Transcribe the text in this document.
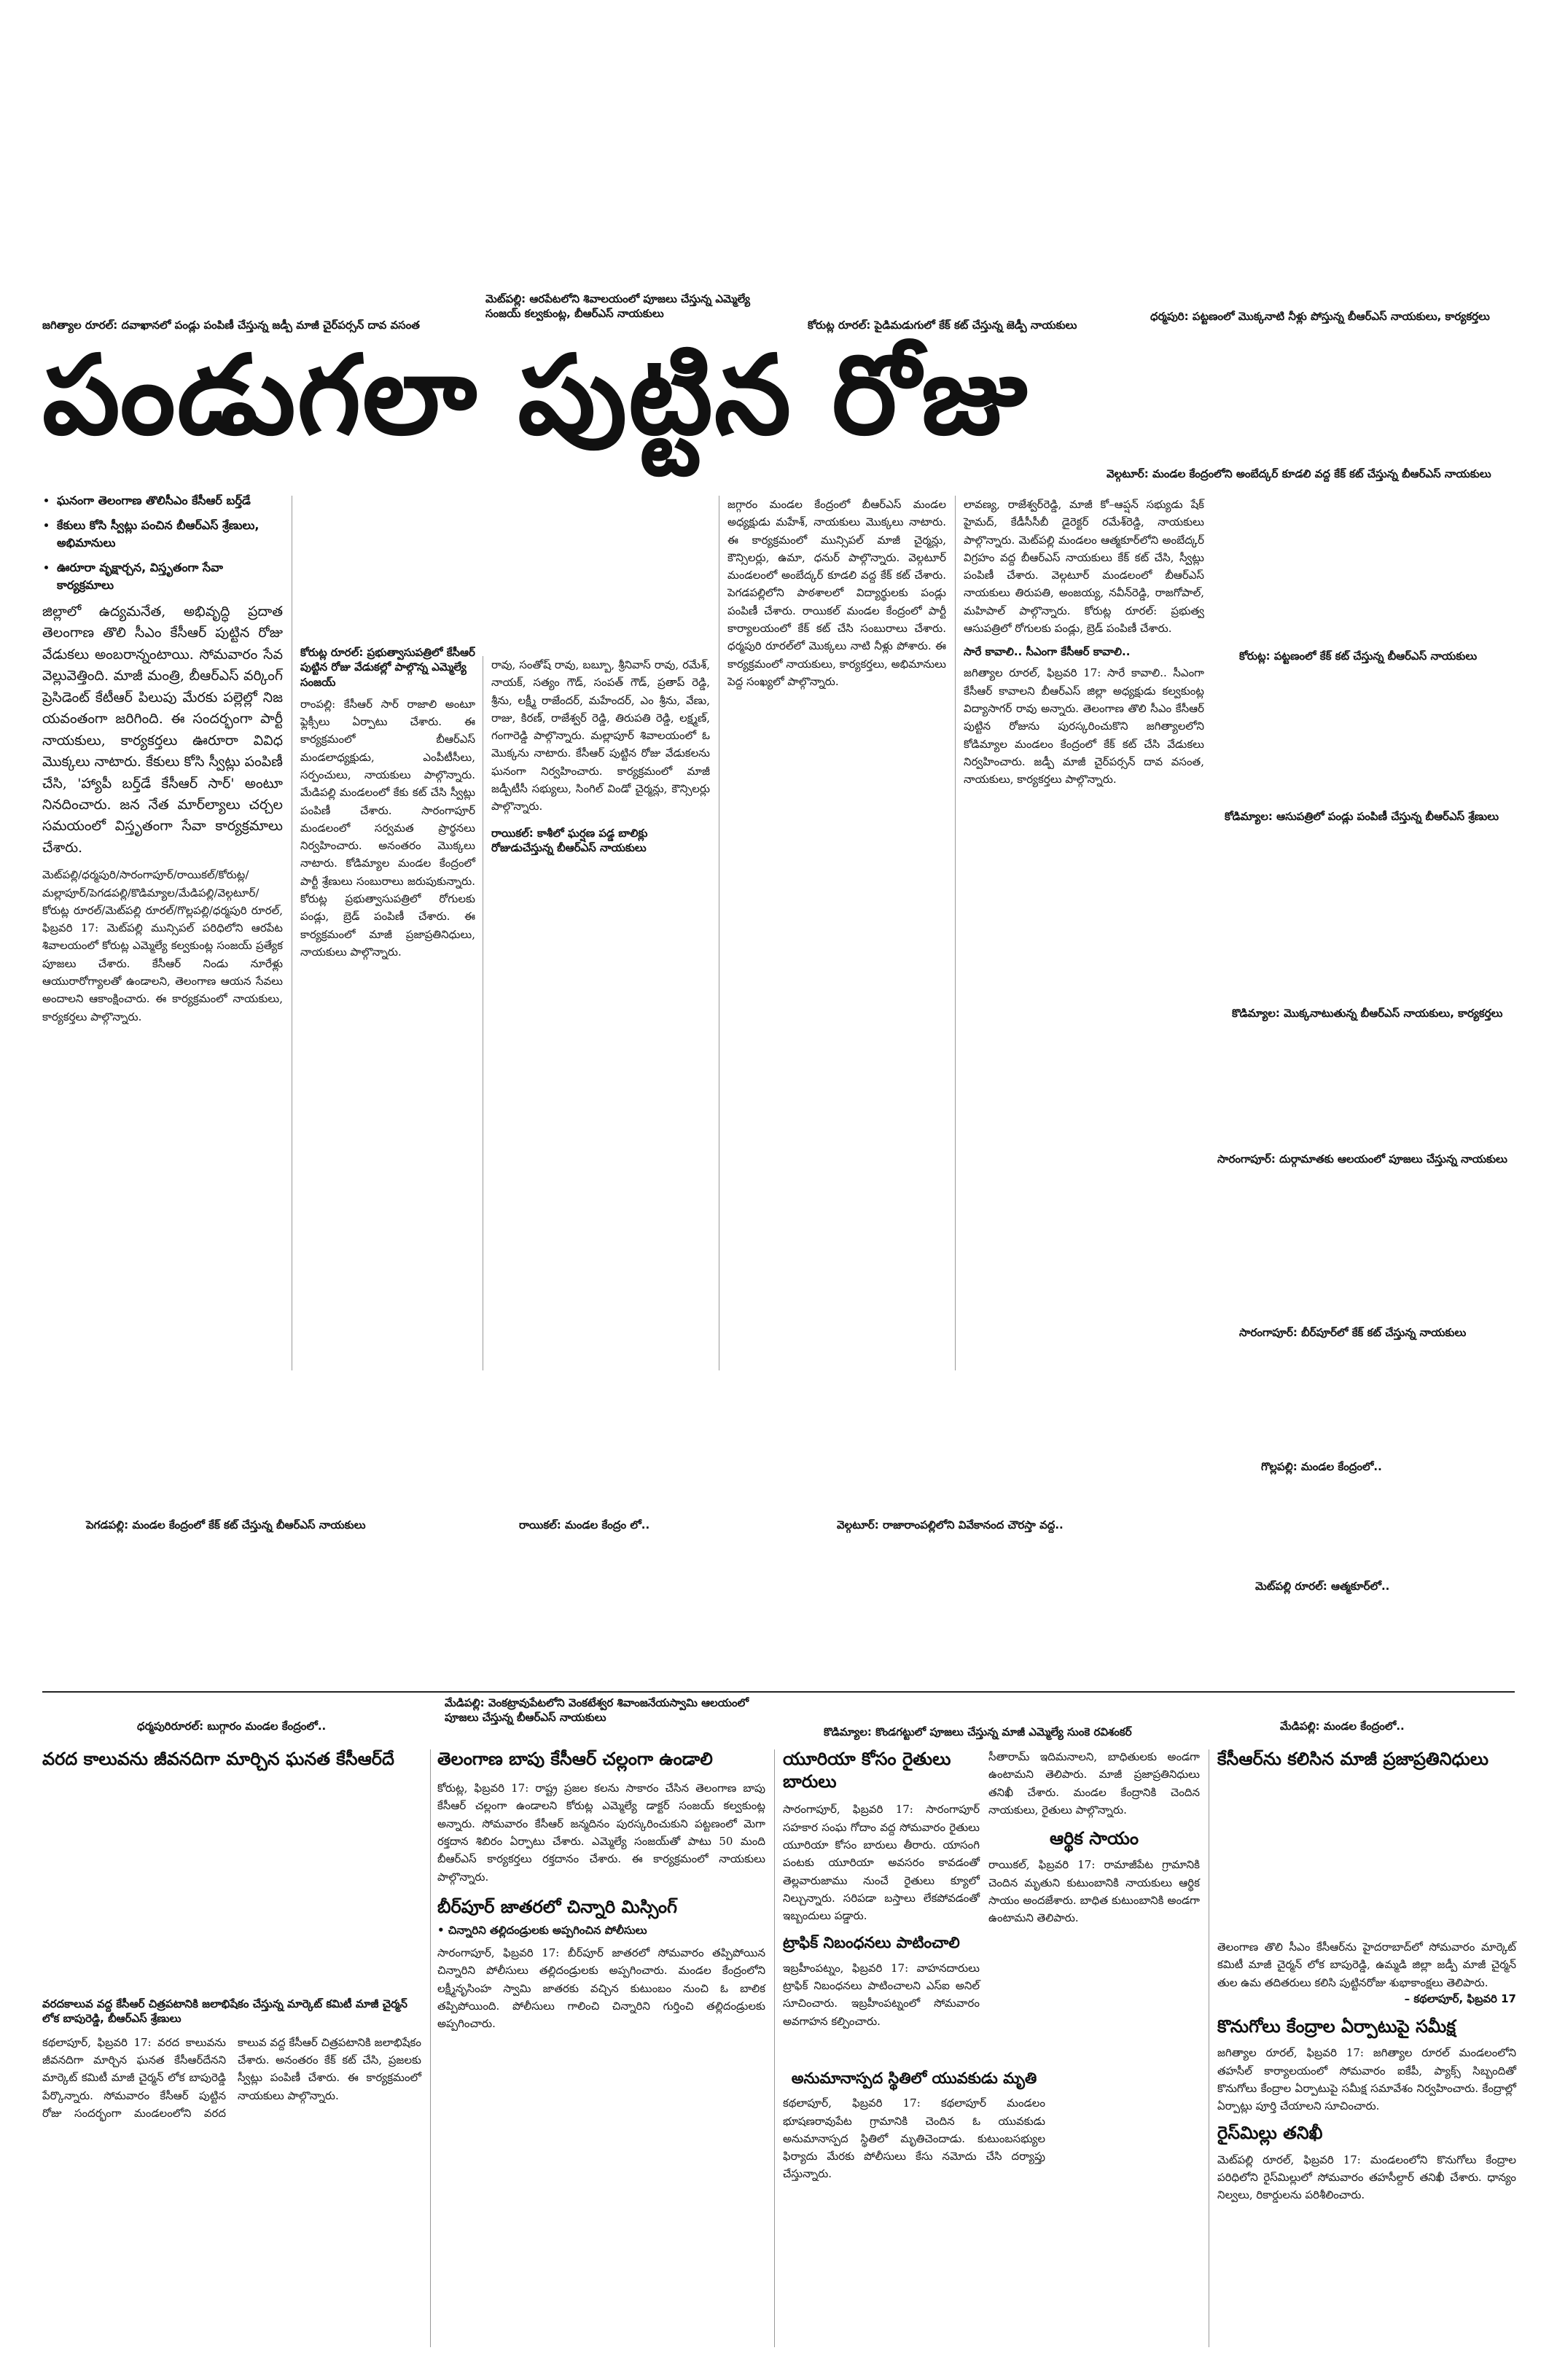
జగిత్యాల రూరల్‌: దవాఖానలో పండ్లు పంపిణీ చేస్తున్న జడ్పీ మాజీ చైర్‌పర్సన్‌ దావ వసంత
మెట్‌పల్లి: ఆరపేటలోని శివాలయంలో పూజలు చేస్తున్న ఎమ్మెల్యే సంజయ్‌ కల్వకుంట్ల, బీఆర్‌ఎస్‌ నాయకులు
కోరుట్ల రూరల్‌: పైడిమడుగులో కేక్‌ కట్‌ చేస్తున్న జెడ్పీ నాయకులు
ధర్మపురి: పట్టణంలో మొక్కనాటి నీళ్లు పోస్తున్న బీఆర్‌ఎస్‌ నాయకులు, కార్యకర్తలు
పండుగలా పుట్టిన రోజు
వెల్గటూర్‌: మండల కేంద్రంలోని అంబేద్కర్‌ కూడలి వద్ద కేక్‌ కట్‌ చేస్తున్న బీఆర్‌ఎస్‌ నాయకులు
• ఘనంగా తెలంగాణ తొలిసీఎం కేసీఆర్‌ బర్త్‌డే
• కేకులు కోసి స్వీట్లు పంచిన బీఆర్‌ఎస్‌ శ్రేణులు, అభిమానులు
• ఊరూరా వృక్షార్చన, విస్తృతంగా సేవా కార్యక్రమాలు
జిల్లాలో ఉద్యమనేత, అభివృద్ధి ప్రదాత తెలంగాణ తొలి సీఎం కేసీఆర్‌ పుట్టిన రోజు వేడుకలు అంబరాన్నంటాయి. సోమవారం సేవ వెల్లువెత్తింది. మాజీ మంత్రి, బీఆర్‌ఎస్‌ వర్కింగ్‌ ప్రెసిడెంట్‌ కేటీఆర్‌ పిలుపు మేరకు పల్లెల్లో నిజ యవంతంగా జరిగింది. ఈ సందర్భంగా పార్టీ నాయకులు, కార్యకర్తలు ఊరూరా వివిధ మొక్కలు నాటారు. కేకులు కోసి స్వీట్లు పంపిణీ చేసి, 'హ్యాపీ బర్త్‌డే కేసీఆర్‌ సార్‌' అంటూ నినదించారు. జన నేత మార్‌ల్యాలు చర్చల సమయంలో విస్తృతంగా సేవా కార్యక్రమాలు చేశారు.
మెట్‌పల్లి/ధర్మపురి/సారంగాపూర్‌/రాయికల్‌/కోరుట్ల/మల్లాపూర్‌/పెగడపల్లి/కొడిమ్యాల/మేడిపల్లి/వెల్గటూర్‌/కోరుట్ల రూరల్‌/మెట్‌పల్లి రూరల్‌/గొల్లపల్లి/ధర్మపురి రూరల్‌, ఫిబ్రవరి 17: మెట్‌పల్లి మున్సిపల్‌ పరిధిలోని ఆరపేట శివాలయంలో కోరుట్ల ఎమ్మెల్యే కల్వకుంట్ల సంజయ్‌ ప్రత్యేక పూజలు చేశారు. కేసీఆర్‌ నిండు నూరేళ్లు ఆయురారోగ్యాలతో ఉండాలని, తెలంగాణ ఆయన సేవలు అందాలని ఆకాంక్షించారు. ఈ కార్యక్రమంలో నాయకులు, కార్యకర్తలు పాల్గొన్నారు.
కోరుట్ల రూరల్‌: ప్రభుత్వాసుపత్రిలో కేసీఆర్‌ పుట్టిన రోజు వేడుకల్లో పాల్గొన్న ఎమ్మెల్యే సంజయ్‌
రాంపల్లి: కేసీఆర్‌ సార్‌ రాజాలి అంటూ ఫ్లెక్సీలు ఏర్పాటు చేశారు. ఈ కార్యక్రమంలో బీఆర్‌ఎస్‌ మండలాధ్యక్షుడు, ఎంపీటీసీలు, సర్పంచులు, నాయకులు పాల్గొన్నారు. మేడిపల్లి మండలంలో కేకు కట్‌ చేసి స్వీట్లు పంపిణీ చేశారు. సారంగాపూర్‌ మండలంలో సర్వమత ప్రార్థనలు నిర్వహించారు. అనంతరం మొక్కలు నాటారు. కోడిమ్యాల మండల కేంద్రంలో పార్టీ శ్రేణులు సంబురాలు జరుపుకున్నారు. కోరుట్ల ప్రభుత్వాసుపత్రిలో రోగులకు పండ్లు, బ్రెడ్‌ పంపిణీ చేశారు. ఈ కార్యక్రమంలో మాజీ ప్రజాప్రతినిధులు, నాయకులు పాల్గొన్నారు.
రావు, సంతోష్‌ రావు, బబ్బూ, శ్రీనివాస్‌ రావు, రమేశ్‌, నాయక్‌, సత్యం గౌడ్‌, సంపత్‌ గౌడ్‌, ప్రతాప్‌ రెడ్డి, శ్రీను, లక్ష్మీ రాజేందర్‌, మహేందర్‌, ఎం శ్రీను, వేణు, రాజు, కిరణ్‌, రాజేశ్వర్‌ రెడ్డి, తిరుపతి రెడ్డి, లక్ష్మణ్‌, గంగారెడ్డి పాల్గొన్నారు. మల్లాపూర్‌ శివాలయంలో ఓ మొక్కను నాటారు. కేసీఆర్‌ పుట్టిన రోజు వేడుకలను ఘనంగా నిర్వహించారు. కార్యక్రమంలో మాజీ జడ్పీటీసీ సభ్యులు, సింగిల్‌ విండో చైర్మన్లు, కౌన్సిలర్లు పాల్గొన్నారు.
రాయికల్‌: కాశీలో ఘర్షణ పడ్డ బాలిక్లు రోజుడుచేస్తున్న బీఆర్‌ఎస్‌ నాయకులు
జగ్గారం మండల కేంద్రంలో బీఆర్‌ఎస్‌ మండల అధ్యక్షుడు మహేశ్‌, నాయకులు మొక్కలు నాటారు. ఈ కార్యక్రమంలో మున్సిపల్‌ మాజీ చైర్మన్లు, కౌన్సిలర్లు, ఉమా, ధనుర్‌ పాల్గొన్నారు. వెల్గటూర్‌ మండలంలో అంబేద్కర్‌ కూడలి వద్ద కేక్‌ కట్‌ చేశారు. పెగడపల్లిలోని పాఠశాలలో విద్యార్థులకు పండ్లు పంపిణీ చేశారు. రాయికల్‌ మండల కేంద్రంలో పార్టీ కార్యాలయంలో కేక్‌ కట్‌ చేసి సంబురాలు చేశారు. ధర్మపురి రూరల్‌లో మొక్కలు నాటి నీళ్లు పోశారు. ఈ కార్యక్రమంలో నాయకులు, కార్యకర్తలు, అభిమానులు పెద్ద సంఖ్యలో పాల్గొన్నారు.
లావణ్య, రాజేశ్వర్‌రెడ్డి, మాజీ కో–ఆప్షన్‌ సభ్యుడు షేక్‌ హైమద్‌, కేడీసీసీబీ డైరెక్టర్‌ రమేశ్‌రెడ్డి, నాయకులు పాల్గొన్నారు. మెట్‌పల్లి మండలం ఆత్మకూర్‌లోని అంబేద్కర్‌ విగ్రహం వద్ద బీఆర్‌ఎస్‌ నాయకులు కేక్‌ కట్‌ చేసి, స్వీట్లు పంపిణీ చేశారు. వెల్గటూర్‌ మండలంలో బీఆర్‌ఎస్‌ నాయకులు తిరుపతి, అంజయ్య, నవీన్‌రెడ్డి, రాజగోపాల్‌, మహిపాల్‌ పాల్గొన్నారు. కోరుట్ల రూరల్‌: ప్రభుత్వ ఆసుపత్రిలో రోగులకు పండ్లు, బ్రెడ్‌ పంపిణీ చేశారు.
సారే కావాలి.. సీఎంగా కేసీఆర్‌ కావాలి..
జగిత్యాల రూరల్‌, ఫిబ్రవరి 17: సారే కావాలి.. సీఎంగా కేసీఆర్‌ కావాలని బీఆర్‌ఎస్‌ జిల్లా అధ్యక్షుడు కల్వకుంట్ల విద్యాసాగర్‌ రావు అన్నారు. తెలంగాణ తొలి సీఎం కేసీఆర్‌ పుట్టిన రోజును పురస్కరించుకొని జగిత్యాలలోని కోడిమ్యాల మండలం కేంద్రంలో కేక్‌ కట్‌ చేసి వేడుకలు నిర్వహించారు. జడ్పీ మాజీ చైర్‌పర్సన్‌ దావ వసంత, నాయకులు, కార్యకర్తలు పాల్గొన్నారు.
కోరుట్ల: పట్టణంలో కేక్‌ కట్‌ చేస్తున్న బీఆర్‌ఎస్‌ నాయకులు
కోడిమ్యాల: ఆసుపత్రిలో పండ్లు పంపిణీ చేస్తున్న బీఆర్‌ఎస్‌ శ్రేణులు
కొడిమ్యాల: మొక్కనాటుతున్న బీఆర్‌ఎస్‌ నాయకులు, కార్యకర్తలు
సారంగాపూర్‌: దుర్గామాతకు ఆలయంలో పూజలు చేస్తున్న నాయకులు
సారంగాపూర్‌: బీర్‌పూర్‌లో కేక్‌ కట్‌ చేస్తున్న నాయకులు
గొల్లపల్లి: మండల కేంద్రంలో..
పెగడపల్లి: మండల కేంద్రంలో కేక్‌ కట్‌ చేస్తున్న బీఆర్‌ఎస్‌ నాయకులు	రాయికల్‌: మండల కేంద్రం లో..	వెల్గటూర్‌: రాజారాంపల్లిలోని వివేకానంద చౌరస్తా వద్ద..
మెట్‌పల్లి రూరల్‌: ఆత్మకూర్‌లో..
ధర్మపురిరూరల్‌: బుగ్గారం మండల కేంద్రంలో..
మేడిపల్లి: వెంకట్రావుపేటలోని వెంకటేశ్వర శివాంజనేయస్వామి ఆలయంలో పూజలు చేస్తున్న బీఆర్‌ఎస్‌ నాయకులు
కొడిమ్యాల: కొండగట్టులో పూజలు చేస్తున్న మాజీ ఎమ్మెల్యే సుంకె రవిశంకర్‌	మేడిపల్లి: మండల కేంద్రంలో..
వరద కాలువను జీవనదిగా మార్చిన ఘనత కేసీఆర్‌దే
వరదకాలువ వద్ద కేసీఆర్‌ చిత్రపటానికి జలాభిషేకం చేస్తున్న మార్కెట్‌ కమిటీ మాజీ చైర్మన్‌ లోక బాపురెడ్డి, బీఆర్‌ఎస్‌ శ్రేణులు
కథలాపూర్‌, ఫిబ్రవరి 17: వరద కాలువను జీవనదిగా మార్చిన ఘనత కేసీఆర్‌దేనని మార్కెట్‌ కమిటీ మాజీ చైర్మన్‌ లోక బాపురెడ్డి పేర్కొన్నారు. సోమవారం కేసీఆర్‌ పుట్టిన రోజు సందర్భంగా మండలంలోని వరద కాలువ వద్ద కేసీఆర్‌ చిత్రపటానికి జలాభిషేకం చేశారు. అనంతరం కేక్‌ కట్‌ చేసి, ప్రజలకు స్వీట్లు పంపిణీ చేశారు. ఈ కార్యక్రమంలో నాయకులు పాల్గొన్నారు.
తెలంగాణ బాపు కేసీఆర్‌ చల్లంగా ఉండాలి
కోరుట్ల, ఫిబ్రవరి 17: రాష్ట్ర ప్రజల కలను సాకారం చేసిన తెలంగాణ బాపు కేసీఆర్‌ చల్లంగా ఉండాలని కోరుట్ల ఎమ్మెల్యే డాక్టర్‌ సంజయ్‌ కల్వకుంట్ల అన్నారు. సోమవారం కేసీఆర్‌ జన్మదినం పురస్కరించుకుని పట్టణంలో మెగా రక్తదాన శిబిరం ఏర్పాటు చేశారు. ఎమ్మెల్యే సంజయ్‌తో పాటు 50 మంది బీఆర్‌ఎస్‌ కార్యకర్తలు రక్తదానం చేశారు. ఈ కార్యక్రమంలో నాయకులు పాల్గొన్నారు.
బీర్‌పూర్‌ జాతరలో చిన్నారి మిస్సింగ్‌
• చిన్నారిని తల్లిదండ్రులకు అప్పగించిన పోలీసులు
సారంగాపూర్‌, ఫిబ్రవరి 17: బీర్‌పూర్‌ జాతరలో సోమవారం తప్పిపోయిన చిన్నారిని పోలీసులు తల్లిదండ్రులకు అప్పగించారు. మండల కేంద్రంలోని లక్ష్మీనృసింహ స్వామి జాతరకు వచ్చిన కుటుంబం నుంచి ఓ బాలిక తప్పిపోయింది. పోలీసులు గాలించి చిన్నారిని గుర్తించి తల్లిదండ్రులకు అప్పగించారు.
యూరియా కోసం రైతులు బారులు
సారంగాపూర్‌, ఫిబ్రవరి 17: సారంగాపూర్‌ సహకార సంఘ గోదాం వద్ద సోమవారం రైతులు యూరియా కోసం బారులు తీరారు. యాసంగి పంటకు యూరియా అవసరం కావడంతో తెల్లవారుజాము నుంచే రైతులు క్యూలో నిల్చున్నారు. సరిపడా బస్తాలు లేకపోవడంతో ఇబ్బందులు పడ్డారు.
ట్రాఫిక్‌ నిబంధనలు పాటించాలి
ఇబ్రహీంపట్నం, ఫిబ్రవరి 17: వాహనదారులు ట్రాఫిక్‌ నిబంధనలు పాటించాలని ఎస్‌ఐ అనిల్‌ సూచించారు. ఇబ్రహీంపట్నంలో సోమవారం అవగాహన కల్పించారు.
అనుమానాస్పద స్థితిలో యువకుడు మృతి
కథలాపూర్‌, ఫిబ్రవరి 17: కథలాపూర్‌ మండలం భూషణరావుపేట గ్రామానికి చెందిన ఓ యువకుడు అనుమానాస్పద స్థితిలో మృతిచెందాడు. కుటుంబసభ్యుల ఫిర్యాదు మేరకు పోలీసులు కేసు నమోదు చేసి దర్యాప్తు చేస్తున్నారు.
సీతారామ్‌ ఇదిమనాలని, బాధితులకు అండగా ఉంటామని తెలిపారు. మాజీ ప్రజాప్రతినిధులు తనిఖీ చేశారు. మండల కేంద్రానికి చెందిన నాయకులు, రైతులు పాల్గొన్నారు.
ఆర్థిక సాయం
రాయికల్‌, ఫిబ్రవరి 17: రామాజీపేట గ్రామానికి చెందిన మృతుని కుటుంబానికి నాయకులు ఆర్థిక సాయం అందజేశారు. బాధిత కుటుంబానికి అండగా ఉంటామని తెలిపారు.
కేసీఆర్‌ను కలిసిన మాజీ ప్రజాప్రతినిధులు
తెలంగాణ తొలి సీఎం కేసీఆర్‌ను హైదరాబాద్‌లో సోమవారం మార్కెట్‌ కమిటీ మాజీ చైర్మన్‌ లోక బాపురెడ్డి, ఉమ్మడి జిల్లా జడ్పీ మాజీ చైర్మన్‌ తుల ఉమ తదితరులు కలిసి పుట్టినరోజు శుభాకాంక్షలు తెలిపారు.
– కథలాపూర్‌, ఫిబ్రవరి 17
కొనుగోలు కేంద్రాల ఏర్పాటుపై సమీక్ష
జగిత్యాల రూరల్‌, ఫిబ్రవరి 17: జగిత్యాల రూరల్‌ మండలంలోని తహసీల్‌ కార్యాలయంలో సోమవారం ఐకేపీ, ప్యాక్స్‌ సిబ్బందితో కొనుగోలు కేంద్రాల ఏర్పాటుపై సమీక్ష సమావేశం నిర్వహించారు. కేంద్రాల్లో ఏర్పాట్లు పూర్తి చేయాలని సూచించారు.
రైస్‌మిల్లు తనిఖీ
మెట్‌పల్లి రూరల్‌, ఫిబ్రవరి 17: మండలంలోని కొనుగోలు కేంద్రాల పరిధిలోని రైస్‌మిల్లులో సోమవారం తహసీల్దార్‌ తనిఖీ చేశారు. ధాన్యం నిల్వలు, రికార్డులను పరిశీలించారు.
